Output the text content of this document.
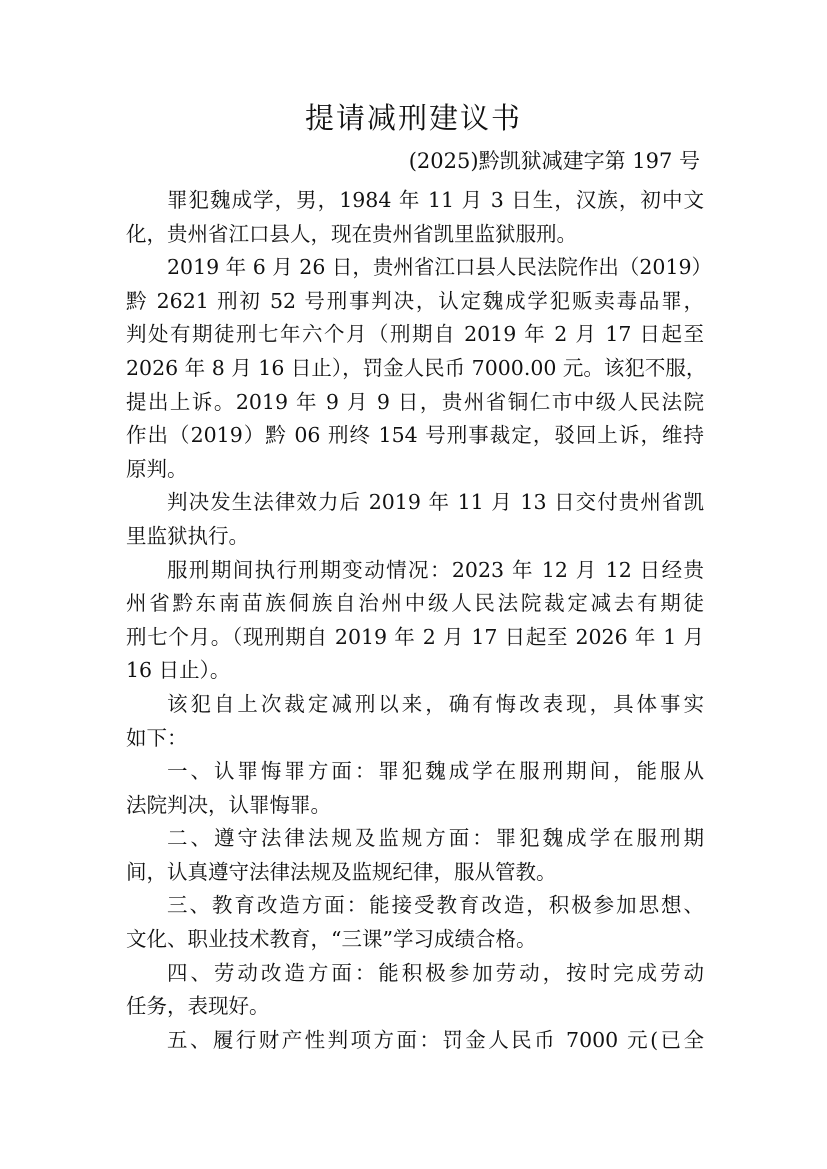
提请减刑建议书
(2025)黔凯狱减建字第 197 号
罪犯魏成学，男，1984 年 11 月 3 日生，汉族，初中文
化，贵州省江口县人，现在贵州省凯里监狱服刑。
2019 年 6 月 26 日，贵州省江口县人民法院作出（2019）
黔 2621 刑初 52 号刑事判决，认定魏成学犯贩卖毒品罪，
判处有期徒刑七年六个月（刑期自 2019 年 2 月 17 日起至
2026 年 8 月 16 日止），罚金人民币 7000.00 元。该犯不服，
提出上诉。2019 年 9 月 9 日，贵州省铜仁市中级人民法院
作出（2019）黔 06 刑终 154 号刑事裁定，驳回上诉，维持
原判。
判决发生法律效力后 2019 年 11 月 13 日交付贵州省凯
里监狱执行。
服刑期间执行刑期变动情况：2023 年 12 月 12 日经贵
州省黔东南苗族侗族自治州中级人民法院裁定减去有期徒
刑七个月。（现刑期自 2019 年 2 月 17 日起至 2026 年 1 月
16 日止）。
该犯自上次裁定减刑以来，确有悔改表现，具体事实
如下：
一、认罪悔罪方面：罪犯魏成学在服刑期间，能服从
法院判决，认罪悔罪。
二、遵守法律法规及监规方面：罪犯魏成学在服刑期
间，认真遵守法律法规及监规纪律，服从管教。
三、教育改造方面：能接受教育改造，积极参加思想、
文化、职业技术教育，“三课”学习成绩合格。
四、劳动改造方面：能积极参加劳动，按时完成劳动
任务，表现好。
五、履行财产性判项方面：罚金人民币 7000 元(已全
